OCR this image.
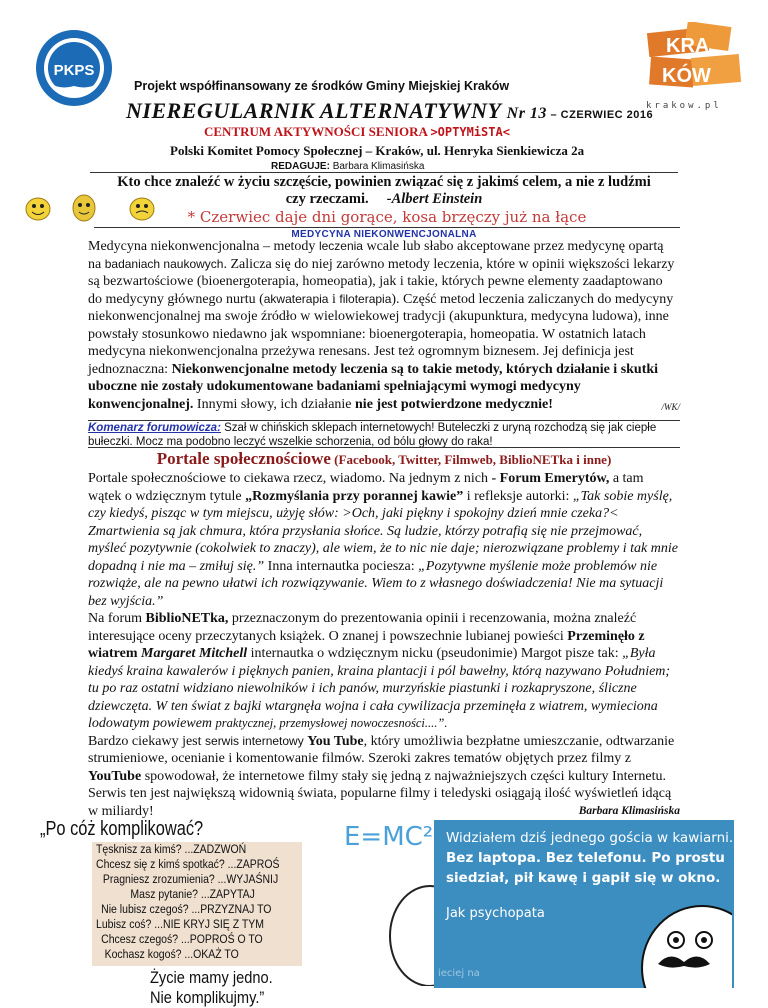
PKPS
KRA
KÓW
krakow.pl
Projekt współfinansowany ze środków Gminy Miejskiej Kraków
NIEREGULARNIK ALTERNATYWNY Nr 13 – CZERWIEC 2016
CENTRUM AKTYWNOŚCI SENIORA >OPTYMiSTA<
Polski Komitet Pomocy Społecznej – Kraków, ul. Henryka Sienkiewicza 2a
REDAGUJE: Barbara Klimasińska
Kto chce znaleźć w życiu szczęście, powinien związać się z jakimś celem, a nie z ludźmi
czy rzeczami. -Albert Einstein
* Czerwiec daje dni gorące, kosa brzęczy już na łące
MEDYCYNA NIEKONWENCJONALNA
Medycyna niekonwencjonalna – metody leczenia wcale lub słabo akceptowane przez medycynę opartą na badaniach naukowych. Zalicza się do niej zarówno metody leczenia, które w opinii większości lekarzy są bezwartościowe (bioenergoterapia, homeopatia), jak i takie, których pewne elementy zaadaptowano do medycyny głównego nurtu (akwaterapia i filoterapia). Część metod leczenia zaliczanych do medycyny niekonwencjonalnej ma swoje źródło w wielowiekowej tradycji (akupunktura, medycyna ludowa), inne powstały stosunkowo niedawno jak wspomniane: bioenergoterapia, homeopatia. W ostatnich latach medycyna niekonwencjonalna przeżywa renesans. Jest też ogromnym biznesem. Jej definicja jest jednoznaczna: Niekonwencjonalne metody leczenia są to takie metody, których działanie i skutki uboczne nie zostały udokumentowane badaniami spełniającymi wymogi medycyny konwencjonalnej. Innymi słowy, ich działanie nie jest potwierdzone medycznie!	/WK/
Komenarz forumowicza: Szał w chińskich sklepach internetowych! Buteleczki z uryną rozchodzą się jak ciepłe bułeczki. Mocz ma podobno leczyć wszelkie schorzenia, od bólu głowy do raka!
Portale społecznościowe (Facebook, Twitter, Filmweb, BiblioNETka i inne)
Portale społecznościowe to ciekawa rzecz, wiadomo. Na jednym z nich - Forum Emerytów, a tam wątek o wdzięcznym tytule „Rozmyślania przy porannej kawie” i refleksje autorki: „Tak sobie myślę, czy kiedyś, pisząc w tym miejscu, użyję słów: >Och, jaki piękny i spokojny dzień mnie czeka?< Zmartwienia są jak chmura, która przysłania słońce. Są ludzie, którzy potrafią się nie przejmować, myśleć pozytywnie (cokolwiek to znaczy), ale wiem, że to nic nie daje; nierozwiązane problemy i tak mnie dopadną i nie ma – zmiłuj się.” Inna internautka pociesza: „Pozytywne myślenie może problemów nie rozwiąże, ale na pewno ułatwi ich rozwiązywanie. Wiem to z własnego doświadczenia! Nie ma sytuacji bez wyjścia.”
Na forum BiblioNETka, przeznaczonym do prezentowania opinii i recenzowania, można znaleźć interesujące oceny przeczytanych książek. O znanej i powszechnie lubianej powieści Przeminęło z wiatrem Margaret Mitchell internautka o wdzięcznym nicku (pseudonimie) Margot pisze tak: „Była kiedyś kraina kawalerów i pięknych panien, kraina plantacji i pól bawełny, którą nazywano Południem; tu po raz ostatni widziano niewolników i ich panów, murzyńskie piastunki i rozkapryszone, śliczne dziewczęta. W ten świat z bajki wtargnęła wojna i cała cywilizacja przeminęła z wiatrem, wymieciona lodowatym powiewem praktycznej, przemysłowej nowoczesności....”.
Bardzo ciekawy jest serwis internetowy You Tube, który umożliwia bezpłatne umieszczanie, odtwarzanie strumieniowe, ocenianie i komentowanie filmów. Szeroki zakres tematów objętych przez filmy z YouTube spowodował, że internetowe filmy stały się jedną z najważniejszych części kultury Internetu. Serwis ten jest największą widownią świata, popularne filmy i teledyski osiągają ilość wyświetleń idącą w miliardy!	Barbara Klimasińska
„Po cóż komplikować?
Tęsknisz za kimś? ...ZADZWOŃ
Chcesz się z kimś spotkać? ...ZAPROŚ
Pragniesz zrozumienia? ...WYJAŚNIJ
Masz pytanie? ...ZAPYTAJ
Nie lubisz czegoś? ...PRZYZNAJ TO
Lubisz coś? ...NIE KRYJ SIĘ Z TYM
Chcesz czegoś? ...POPROŚ O TO
Kochasz kogoś? ...OKAŻ TO
Życie mamy jedno. Nie komplikujmy.”
E=MC² Widziałem dziś jednego gościa w kawiarni.
Bez laptopa. Bez telefonu. Po prostu
siedział, pił kawę i gapił się w okno.
Jak psychopata
ieciej na
